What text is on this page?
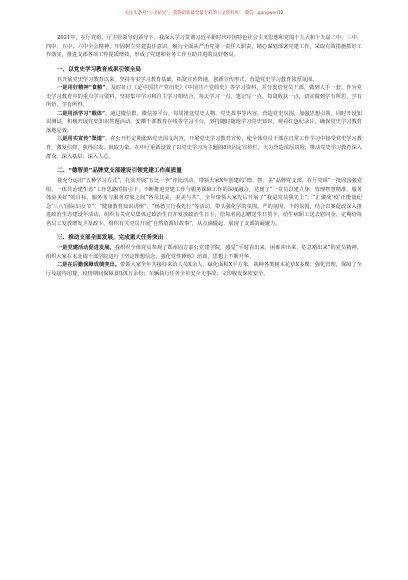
关注头条号“公文研究”，获得最新最全最专业的公文资料库！ 微信：gongwen12

2021年，在厅党组、厅主管领导的领导下，我深入学习贯彻习近平新时代中国特色社会主义思想和党的十九大和十九届二中、三中、四中、五中、六中全会精神，牢固树立党建责任意识，履行全面从严治党第一责任人职责，精心谋划部署党建工作，采取有效措施抓好工作落实，推进支部各项工作提质增效，形成了党建和业务工作互助并进的良好格局。

一、以党史学习教育成果引领全局

自开展党史学习教育以来，坚持夯实学习教育基础，拓宽宣传阵地，创新宣传形式，营造党史学习教育浓厚氛围。

一是用好精神“食粮”，及时征订《论中国共产党历史》《中国共产党简史》等学习资料，并分发给党员干部，做到人手一套。作为党史学习教育中的重点学习资料，坚持集中学习和自主学习相结合，每天学习一点，笔记写一点，每周收获一点，切实做到学有所思，学有所悟，学有所得。

二是用活学习“载体”。通过微信群、微信等平台，每周推送党史人物、党史故事等内容，营造党史氛围，加强思想引领。同时开设知识测试，积极开展党史知识答题活动。安徽干部教育在线等学习平台，坚持随时随地学习党史知识，观看红色纪录片。确保党史学习教育落地见效。

三是用实宣传“渠道”。在公开栏定期张贴党史国文内容，开展党史学习教育宣传，使全体党员干部在日常工作学习中接受党史学习教育，激发信仰、获得启发、汲取力量。在中厅重新设置了以党史学习为主题的8块固定宣传栏，大力营造浓厚氛围，推动党史学习教育深入群众、深入基层、深入人心。

二、“德智美”品牌党支部建设引领党建工作高质量

我充分运用“五种学习方式”，扎实开展“五比一争”评比活动，带领大家X年创建的“德、智、美”品牌党支部。在厅党组“一批固国强党组，一体共治建生态”工作思路的指引下，不断推进党建工作与服务保障工作的深度融合，达到了“一党员以建立身、管理智慧精准、服务体验美好”的目标。服务务与服务对象之间“各尽其美，美美与共”。全年带领大家先后开展了“我是党员我先上”、“汇聚战‘疫’正能量纪念‘三八’国际妇女节”、“健康教育知识讲座”、“杨德立行我先行”等活动。带头强化学的氛围、严的氛围、干的氛围，结合以案促改深入推进政治生态建设年活动，组织有关党员集体过政治生日并发放政治生日卡，给每名同志赠送生日贺卡，给生病职工送去慰问金、定期给每名员工发放增发卡及政卡，组织有关党员开展“自然资源好故事”，从点滴做起，展现了支部的凝聚力。

三、推动支部全面发展，完成重大任务突出

一是党建活动促进发展。我组织全体党员参观了郑州固方泰公党建学院，感受“平时看出来，困难冲出来，危急豁出来”的党员精神，组织大家在本北调干部学院进行《坚定理想信念，强化党性锤炼》培训，思想上不断升华。

二是在后勤保障成绩突出。带领大家全年共接待来访人员X余人，绿化面积X平方米，栽种各类树木花草X多棵；强化管理，保障了全厅及接待用餐，疫情期间保障食饭X万余份；车辆执行任务全年安全无事故；文印收发保密安全。
